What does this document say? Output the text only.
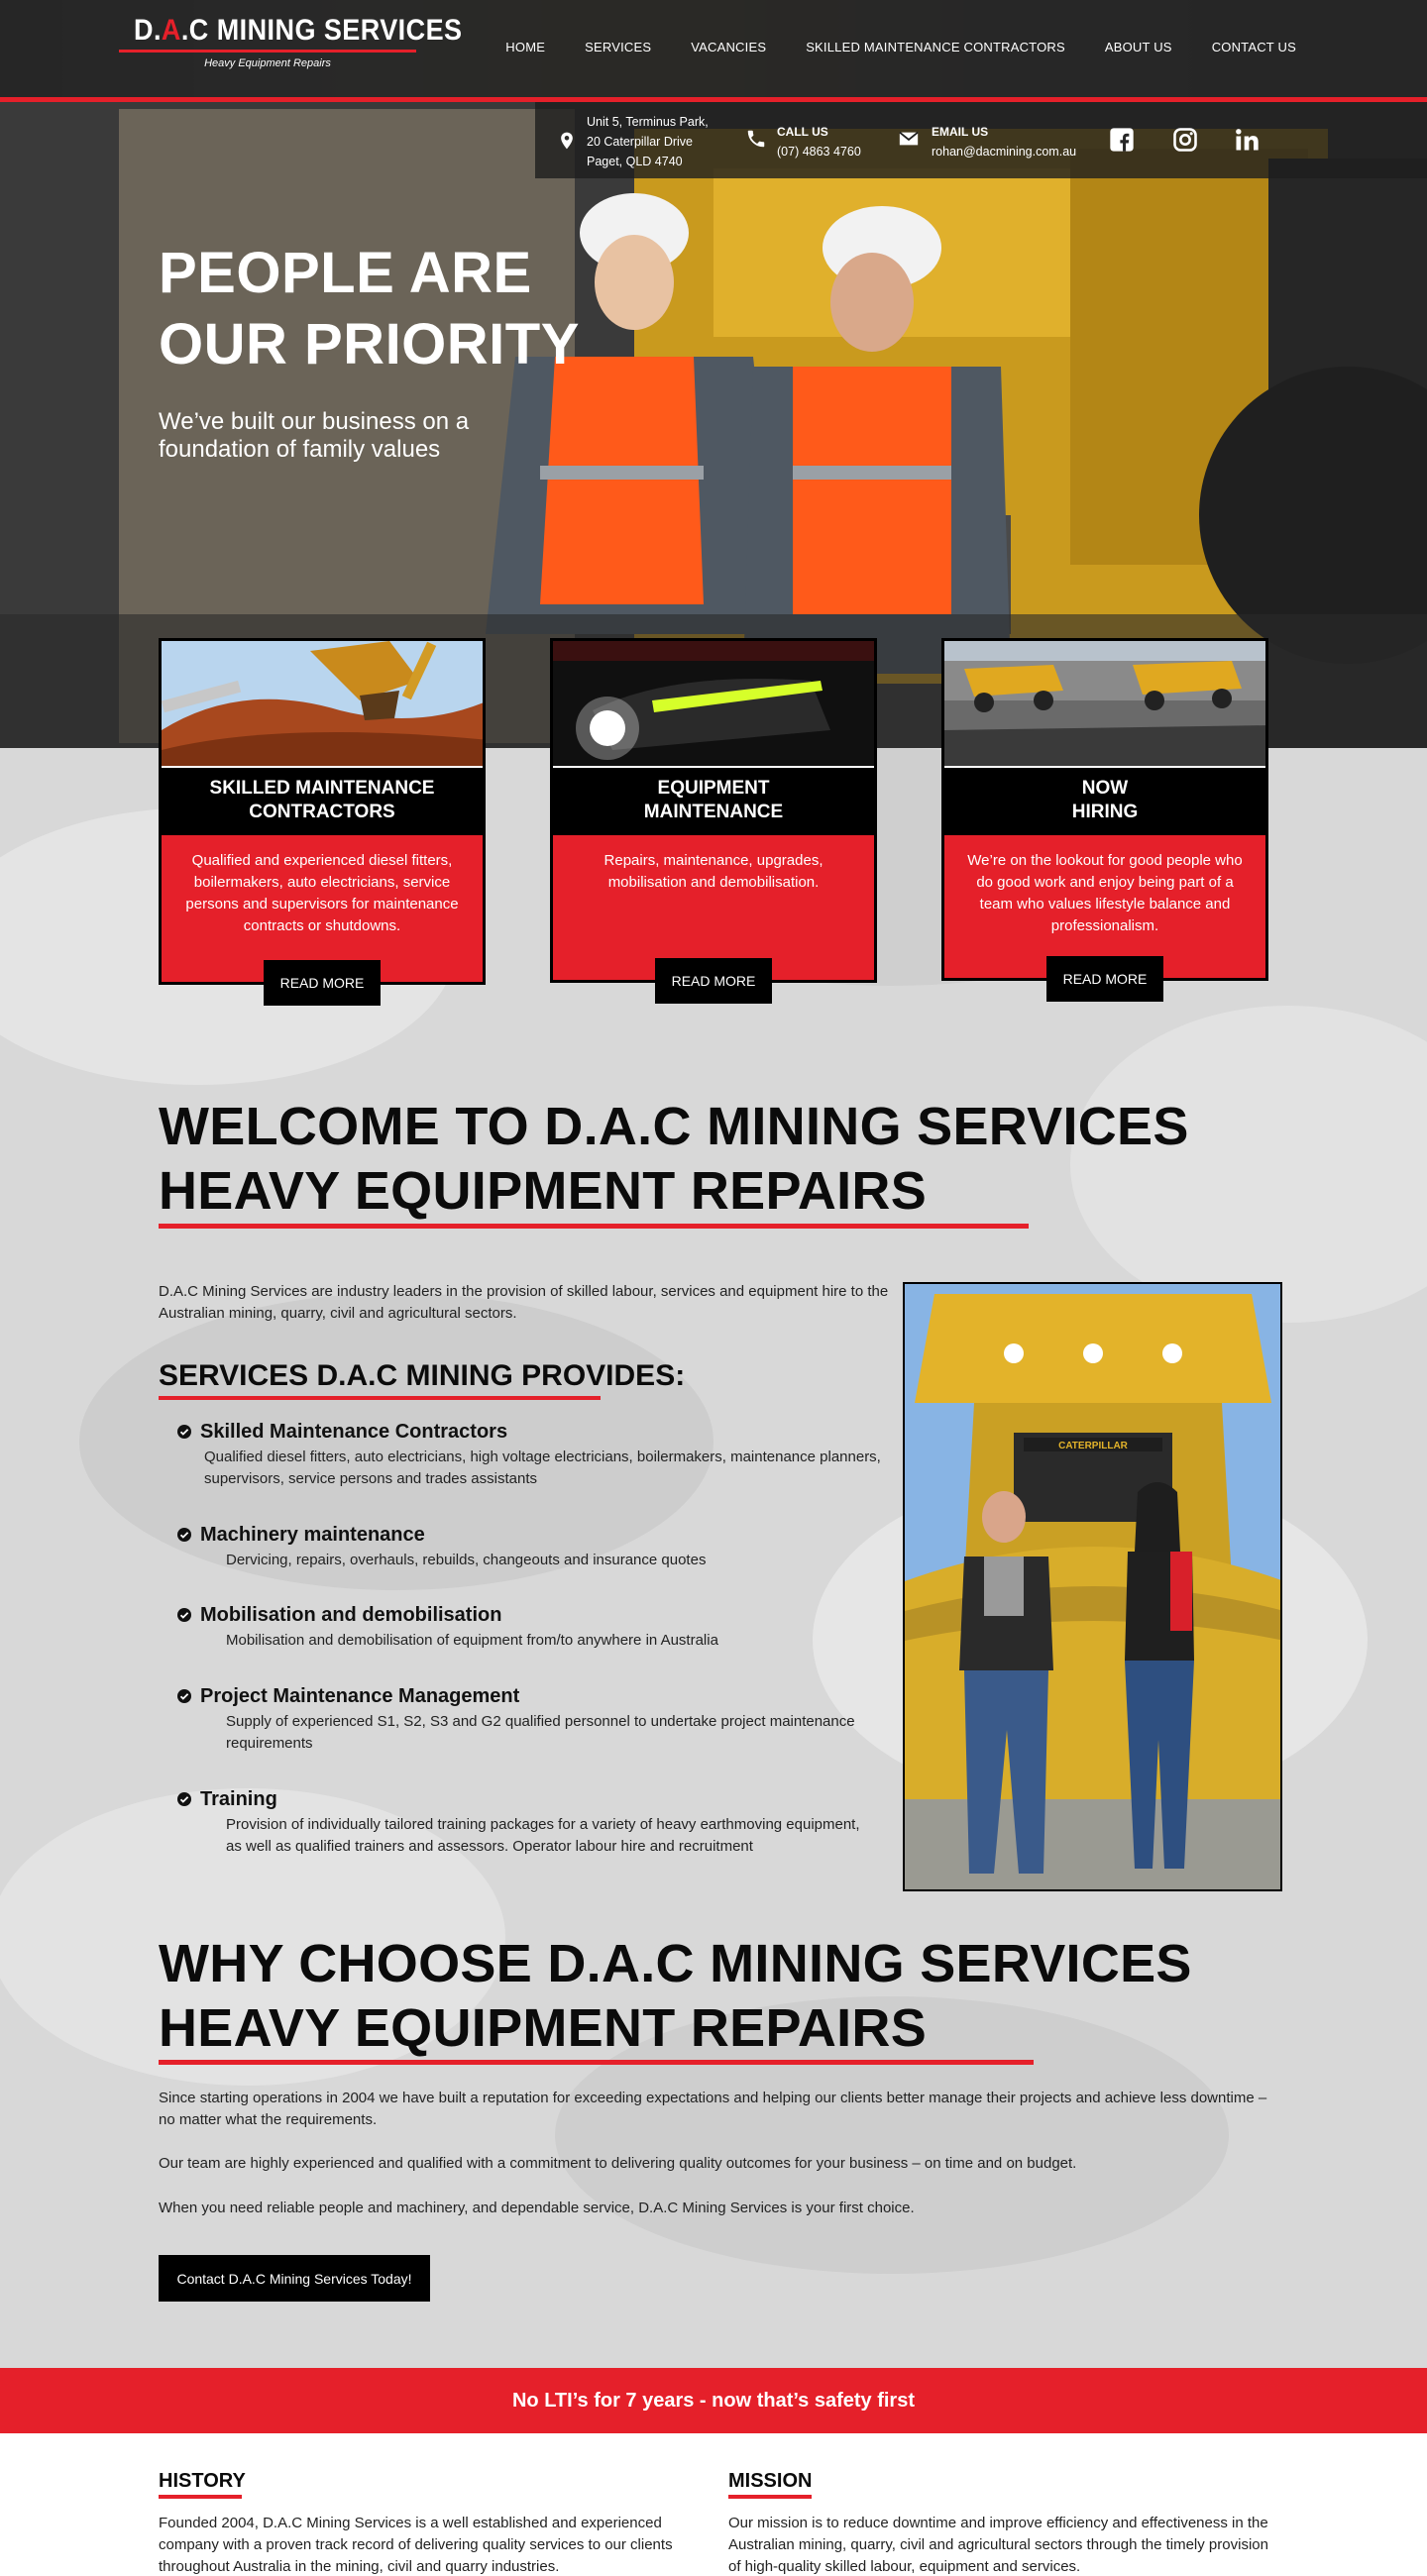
PEOPLE ARE
OUR PRIORITY
We’ve built our business on a foundation of family values
D.A.C MINING SERVICES
Heavy Equipment Repairs
HOME	SERVICES	VACANCIES	SKILLED MAINTENANCE CONTRACTORS	ABOUT US	CONTACT US
Unit 5, Terminus Park,
20 Caterpillar Drive
Paget, QLD 4740
CALL US
(07) 4863 4760
EMAIL US
rohan@dacmining.com.au
SKILLED MAINTENANCE
CONTRACTORS
Qualified and experienced diesel fitters, boilermakers, auto electricians, service persons and supervisors for maintenance contracts or shutdowns.
READ MORE
EQUIPMENT
MAINTENANCE
Repairs, maintenance, upgrades, mobilisation and demobilisation.
READ MORE
NOW
HIRING
We’re on the lookout for good people who do good work and enjoy being part of a team who values lifestyle balance and professionalism.
READ MORE
WELCOME TO D.A.C MINING SERVICES
HEAVY EQUIPMENT REPAIRS
D.A.C Mining Services are industry leaders in the provision of skilled labour, services and equipment hire to the Australian mining, quarry, civil and agricultural sectors.
SERVICES D.A.C MINING PROVIDES:
Skilled Maintenance Contractors
Qualified diesel fitters, auto electricians, high voltage electricians, boilermakers, maintenance planners, supervisors, service persons and trades assistants
Machinery maintenance
Dervicing, repairs, overhauls, rebuilds, changeouts and insurance quotes
Mobilisation and demobilisation
Mobilisation and demobilisation of equipment from/to anywhere in Australia
Project Maintenance Management
Supply of experienced S1, S2, S3 and G2 qualified personnel to undertake project maintenance requirements
Training
Provision of individually tailored training packages for a variety of heavy earthmoving equipment, as well as qualified trainers and assessors. Operator labour hire and recruitment
CATERPILLAR
WHY CHOOSE D.A.C MINING SERVICES
HEAVY EQUIPMENT REPAIRS
Since starting operations in 2004 we have built a reputation for exceeding expectations and helping our clients better manage their projects and achieve less downtime – no matter what the requirements.
Our team are highly experienced and qualified with a commitment to delivering quality outcomes for your business – on time and on budget.
When you need reliable people and machinery, and dependable service, D.A.C Mining Services is your first choice.
Contact D.A.C Mining Services Today!
No LTI’s for 7 years - now that’s safety first
HISTORY
Founded 2004, D.A.C Mining Services is a well established and experienced company with a proven track record of delivering quality services to our clients throughout Australia in the mining, civil and quarry industries.
MISSION
Our mission is to reduce downtime and improve efficiency and effectiveness in the Australian mining, quarry, civil and agricultural sectors through the timely provision of high-quality skilled labour, equipment and services.
